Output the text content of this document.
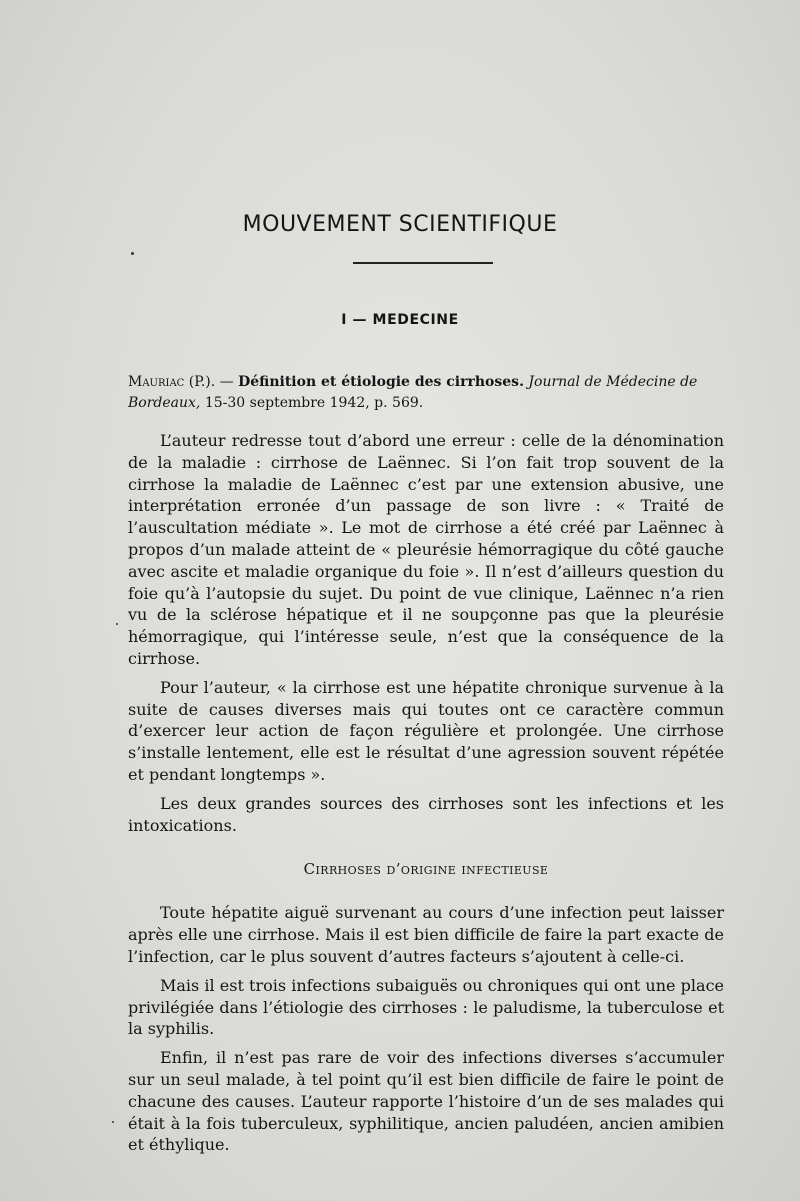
MOUVEMENT SCIENTIFIQUE
I — MEDECINE
Mauriac (P.). — Définition et étiologie des cirrhoses. Journal de Médecine de Bordeaux, 15-30 septembre 1942, p. 569.

L’auteur redresse tout d’abord une erreur : celle de la dénomination de la maladie : cirrhose de Laënnec. Si l’on fait trop souvent de la cirrhose la maladie de Laënnec c’est par une extension abusive, une interprétation erronée d’un passage de son livre : « Traité de l’auscultation médiate ». Le mot de cirrhose a été créé par Laënnec à propos d’un malade atteint de « pleurésie hémorragique du côté gauche avec ascite et maladie organique du foie ». Il n’est d’ailleurs question du foie qu’à l’autopsie du sujet. Du point de vue clinique, Laënnec n’a rien vu de la sclérose hépatique et il ne soupçonne pas que la pleurésie hémorragique, qui l’intéresse seule, n’est que la conséquence de la cirrhose.

Pour l’auteur, « la cirrhose est une hépatite chronique survenue à la suite de causes diverses mais qui toutes ont ce caractère commun d’exercer leur action de façon régulière et prolongée. Une cirrhose s’installe lentement, elle est le résultat d’une agression souvent répétée et pendant longtemps ».

Les deux grandes sources des cirrhoses sont les infections et les intoxications.

Cirrhoses d’origine infectieuse

Toute hépatite aiguë survenant au cours d’une infection peut laisser après elle une cirrhose. Mais il est bien difficile de faire la part exacte de l’infection, car le plus souvent d’autres facteurs s’ajoutent à celle-ci.

Mais il est trois infections subaiguës ou chroniques qui ont une place privilégiée dans l’étiologie des cirrhoses : le paludisme, la tuberculose et la syphilis.

Enfin, il n’est pas rare de voir des infections diverses s’accumuler sur un seul malade, à tel point qu’il est bien difficile de faire le point de chacune des causes. L’auteur rapporte l’histoire d’un de ses malades qui était à la fois tuberculeux, syphilitique, ancien paludéen, ancien amibien et éthylique.
